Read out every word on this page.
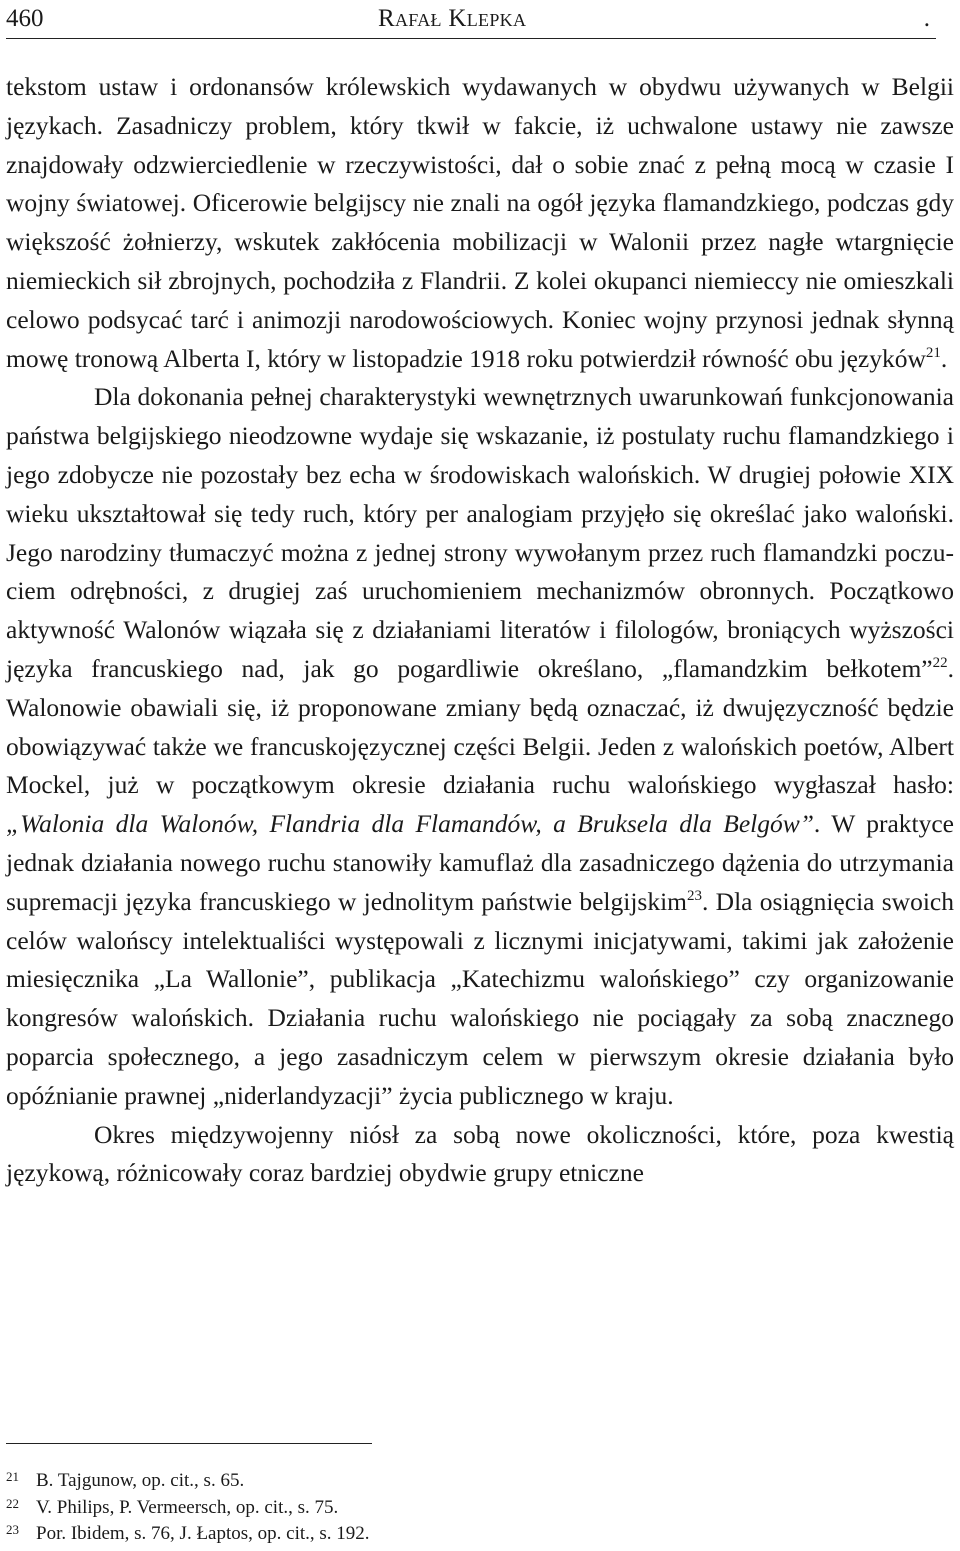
460	Rafał Klepka	.

tekstom ustaw i ordonansów królewskich wydawanych w obydwu używanych w Belgii językach. Zasadniczy problem, który tkwił w fakcie, iż uchwalone ustawy nie zawsze znajdowały odzwierciedlenie w rzeczywistości, dał o sobie znać z pełną mocą w czasie I wojny światowej. Oficerowie belgijscy nie znali na ogół języka flamandzkiego, podczas gdy większość żołnierzy, wskutek zakłócenia mobilizacji w Walonii przez nagłe wtargnięcie niemieckich sił zbrojnych, pochodziła z Flandrii. Z kolei okupanci niemieccy nie omieszkali celowo podsycać tarć i animozji narodowościowych. Koniec wojny przynosi jednak słynną mowę tronową Alberta I, który w listopadzie 1918 roku potwierdził równość obu języków$^{21}$.

Dla dokonania pełnej charakterystyki wewnętrznych uwarunkowań funkcjonowania państwa belgijskiego nieodzowne wydaje się wskazanie, iż postulaty ruchu flamandzkiego i jego zdobycze nie pozostały bez echa w środowiskach walońskich. W drugiej połowie XIX wieku ukształtował się tedy ruch, który per analogiam przyjęło się określać jako waloński. Jego narodziny tłumaczyć można z jednej strony wywołanym przez ruch flamandzki poczuciem odrębności, z drugiej zaś uruchomieniem mechanizmów obronnych. Początkowo aktywność Walonów wiązała się z działaniami literatów i filologów, broniących wyższości języka francuskiego nad, jak go pogardliwie określano, „flamandzkim bełkotem”$^{22}$. Walonowie obawiali się, iż proponowane zmiany będą oznaczać, iż dwujęzyczność będzie obowiązywać także we francuskojęzycznej części Belgii. Jeden z walońskich poetów, Albert Mockel, już w początkowym okresie działania ruchu walońskiego wygłaszał hasło: „Walonia dla Walonów, Flandria dla Flamandów, a Bruksela dla Belgów”. W praktyce jednak działania nowego ruchu stanowiły kamuflaż dla zasadniczego dążenia do utrzymania supremacji języka francuskiego w jednolitym państwie belgijskim$^{23}$. Dla osiągnięcia swoich celów walońscy intelektualiści występowali z licznymi inicjatywami, takimi jak założenie miesięcznika „La Wallonie”, publikacja „Katechizmu walońskiego” czy organizowanie kongresów walońskich. Działania ruchu walońskiego nie pociągały za sobą znacznego poparcia społecznego, a jego zasadniczym celem w pierwszym okresie działania było opóźnianie prawnej „niderlandyzacji” życia publicznego w kraju.

Okres międzywojenny niósł za sobą nowe okoliczności, które, poza kwestią językową, różnicowały coraz bardziej obydwie grupy etniczne

21 B. Tajgunow, op. cit., s. 65.
22 V. Philips, P. Vermeersch, op. cit., s. 75.
23 Por. Ibidem, s. 76, J. Łaptos, op. cit., s. 192.
